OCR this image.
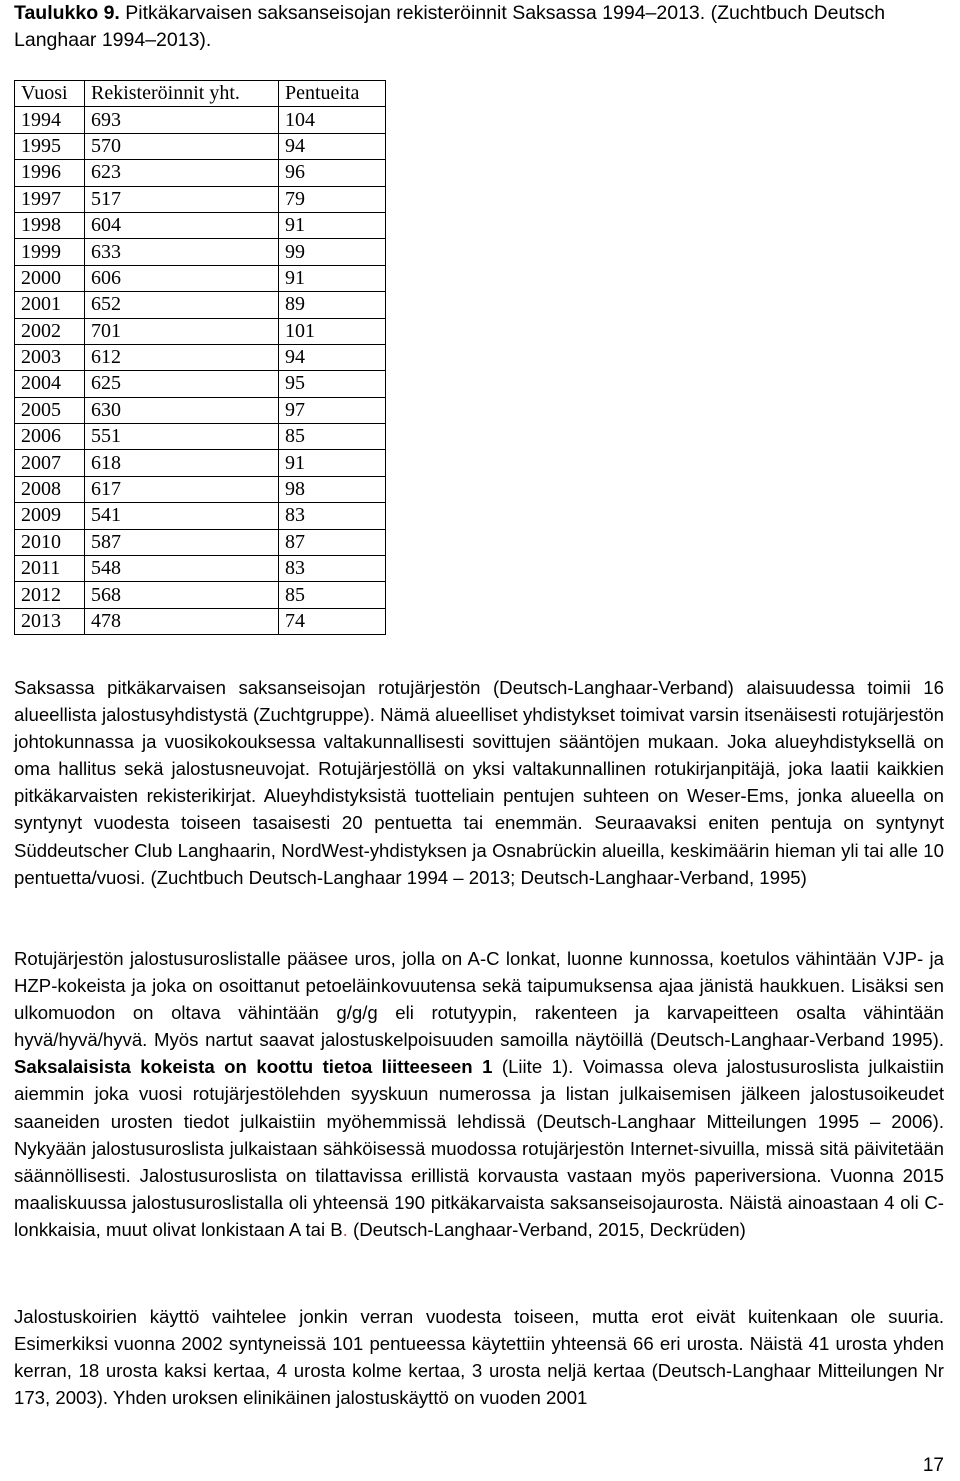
Taulukko 9. Pitkäkarvaisen saksanseisojan rekisteröinnit Saksassa 1994–2013. (Zuchtbuch Deutsch Langhaar 1994–2013).
Vuosi	Rekisteröinnit yht.	Pentueita
1994	693	104
1995	570	94
1996	623	96
1997	517	79
1998	604	91
1999	633	99
2000	606	91
2001	652	89
2002	701	101
2003	612	94
2004	625	95
2005	630	97
2006	551	85
2007	618	91
2008	617	98
2009	541	83
2010	587	87
2011	548	83
2012	568	85
2013	478	74

Saksassa pitkäkarvaisen saksanseisojan rotujärjestön (Deutsch-Langhaar-Verband) alaisuudessa toimii 16 alueellista jalostusyhdistystä (Zuchtgruppe). Nämä alueelliset yhdistykset toimivat varsin itsenäisesti rotujärjestön johtokunnassa ja vuosikokouksessa valtakunnallisesti sovittujen sääntöjen mukaan. Joka alueyhdistyksellä on oma hallitus sekä jalostusneuvojat. Rotujärjestöllä on yksi valtakunnallinen rotukirjanpitäjä, joka laatii kaikkien pitkäkarvaisten rekisterikirjat. Alueyhdistyksistä tuotteliain pentujen suhteen on Weser-Ems, jonka alueella on syntynyt vuodesta toiseen tasaisesti 20 pentuetta tai enemmän. Seuraavaksi eniten pentuja on syntynyt Süddeutscher Club Langhaarin, NordWest-yhdistyksen ja Osnabrückin alueilla, keskimäärin hieman yli tai alle 10 pentuetta/vuosi. (Zuchtbuch Deutsch-Langhaar 1994 – 2013; Deutsch-Langhaar-Verband, 1995)

Rotujärjestön jalostusuroslistalle pääsee uros, jolla on A-C lonkat, luonne kunnossa, koetulos vähintään VJP- ja HZP-kokeista ja joka on osoittanut petoeläinkovuutensa sekä taipumuksensa ajaa jänistä haukkuen. Lisäksi sen ulkomuodon on oltava vähintään g/g/g eli rotutyypin, rakenteen ja karvapeitteen osalta vähintään hyvä/hyvä/hyvä. Myös nartut saavat jalostuskelpoisuuden samoilla näytöillä (Deutsch-Langhaar-Verband 1995). Saksalaisista kokeista on koottu tietoa liitteeseen 1 (Liite 1). Voimassa oleva jalostusuroslista julkaistiin aiemmin joka vuosi rotujärjestölehden syyskuun numerossa ja listan julkaisemisen jälkeen jalostusoikeudet saaneiden urosten tiedot julkaistiin myöhemmissä lehdissä (Deutsch-Langhaar Mitteilungen 1995 – 2006). Nykyään jalostusuroslista julkaistaan sähköisessä muodossa rotujärjestön Internet-sivuilla, missä sitä päivitetään säännöllisesti. Jalostusuroslista on tilattavissa erillistä korvausta vastaan myös paperiversiona. Vuonna 2015 maaliskuussa jalostusuroslistalla oli yhteensä 190 pitkäkarvaista saksanseisojaurosta. Näistä ainoastaan 4 oli C-lonkkaisia, muut olivat lonkistaan A tai B. (Deutsch-Langhaar-Verband, 2015, Deckrüden)

Jalostuskoirien käyttö vaihtelee jonkin verran vuodesta toiseen, mutta erot eivät kuitenkaan ole suuria. Esimerkiksi vuonna 2002 syntyneissä 101 pentueessa käytettiin yhteensä 66 eri urosta. Näistä 41 urosta yhden kerran, 18 urosta kaksi kertaa, 4 urosta kolme kertaa, 3 urosta neljä kertaa (Deutsch-Langhaar Mitteilungen Nr 173, 2003). Yhden uroksen elinikäinen jalostuskäyttö on vuoden 2001

17
